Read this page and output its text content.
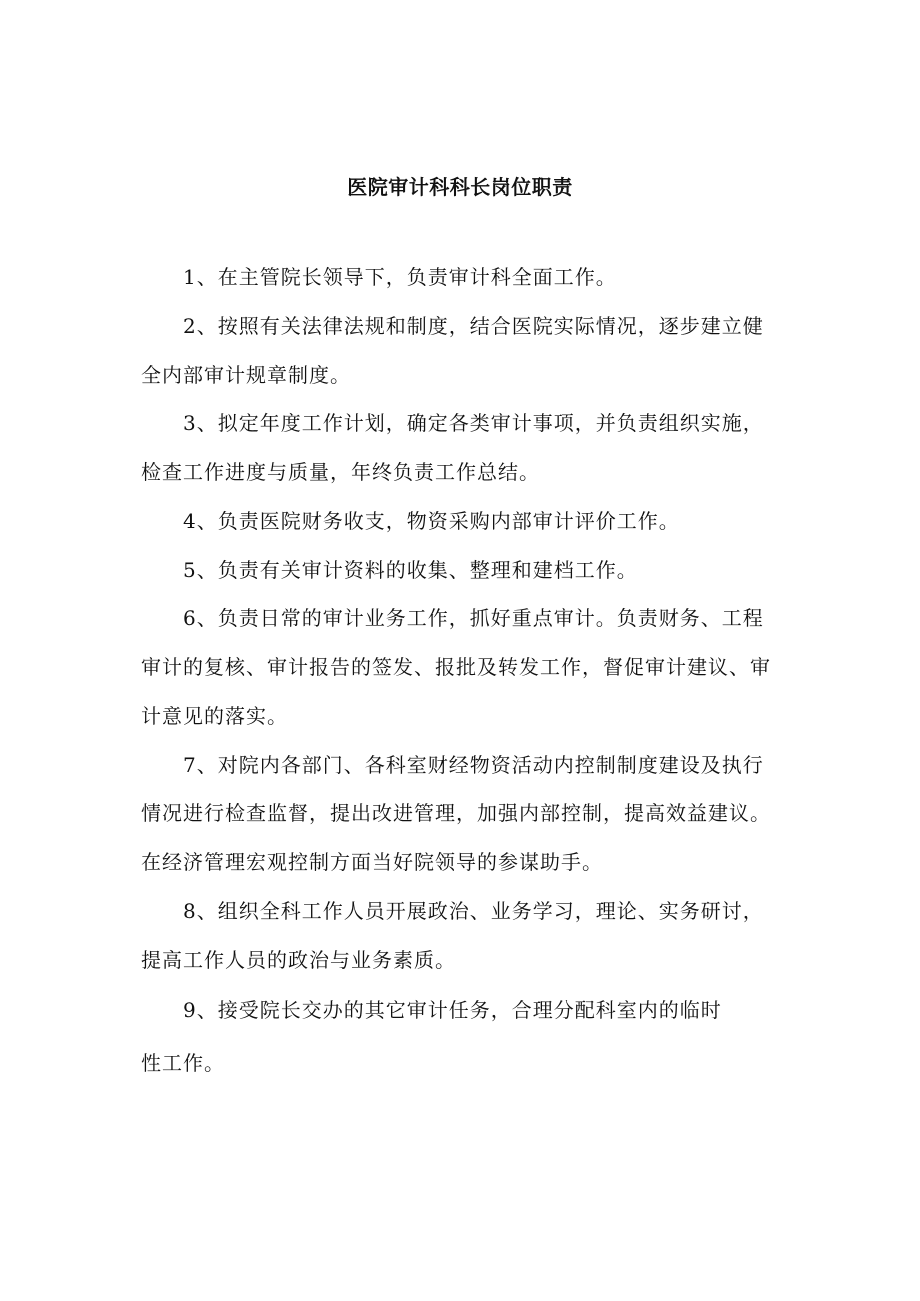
医院审计科科长岗位职责
1、在主管院长领导下，负责审计科全面工作。
2、按照有关法律法规和制度，结合医院实际情况，逐步建立健
全内部审计规章制度。
3、拟定年度工作计划，确定各类审计事项，并负责组织实施，
检查工作进度与质量，年终负责工作总结。
4、负责医院财务收支，物资采购内部审计评价工作。
5、负责有关审计资料的收集、整理和建档工作。
6、负责日常的审计业务工作，抓好重点审计。负责财务、工程
审计的复核、审计报告的签发、报批及转发工作，督促审计建议、审
计意见的落实。
7、对院内各部门、各科室财经物资活动内控制制度建设及执行
情况进行检查监督，提出改进管理，加强内部控制，提高效益建议。
在经济管理宏观控制方面当好院领导的参谋助手。
8、组织全科工作人员开展政治、业务学习，理论、实务研讨，
提高工作人员的政治与业务素质。
9、接受院长交办的其它审计任务，合理分配科室内的临时
性工作。
